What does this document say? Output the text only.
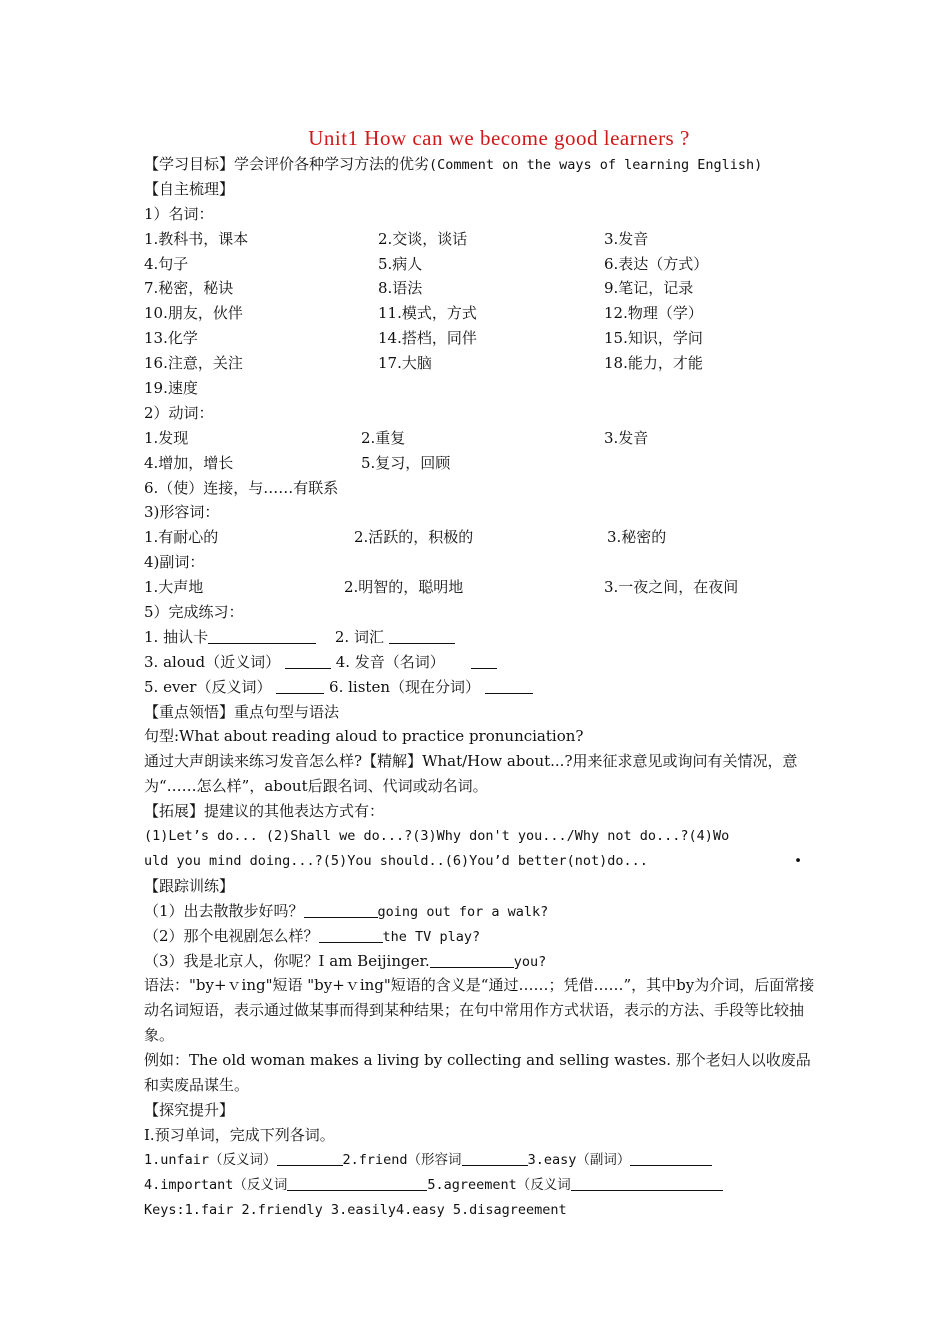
Unit1 How can we become good learners ?
【学习目标】学会评价各种学习方法的优劣(Comment on the ways of learning English)
【自主梳理】
1）名词：
1.教科书，课本	2.交谈，谈话	3.发音
4.句子	5.病人	6.表达（方式）
7.秘密，秘诀	8.语法	9.笔记，记录
10.朋友，伙伴	11.模式，方式	12.物理（学）
13.化学	14.搭档，同伴	15.知识，学问
16.注意，关注	17.大脑	18.能力，才能
19.速度
2）动词：
1.发现	2.重复	3.发音
4.增加，增长	5.复习，回顾
6.（使）连接，与……有联系
3)形容词：
1.有耐心的	2.活跃的，积极的	3.秘密的
4)副词：
1.大声地	2.明智的，聪明地	3.一夜之间，在夜间
5）完成练习：
1. 抽认卡	2. 词汇
3. aloud（近义词）	4. 发音（名词）
5. ever（反义词）	6. listen（现在分词）
【重点领悟】重点句型与语法
句型:What about reading aloud to practice pronunciation?
通过大声朗读来练习发音怎么样?【精解】What/How about...?用来征求意见或询问有关情况，意为“……怎么样”，about后跟名词、代词或动名词。
【拓展】提建议的其他表达方式有：
(1)Let’s do... (2)Shall we do...?(3)Why don't you.../Why not do...?(4)Wo
uld you mind doing...?(5)You should..(6)You’d better(not)do...	•
【跟踪训练】
（1）出去散散步好吗？	going out for a walk?
（2）那个电视剧怎么样？	the TV play?
（3）我是北京人，你呢？I am Beijinger.	you?
语法："by+ｖing"短语 "by+ｖing"短语的含义是“通过……；凭借……”，其中by为介词，后面常接动名词短语，表示通过做某事而得到某种结果；在句中常用作方式状语，表示的方法、手段等比较抽象。
例如：The old woman makes a living by collecting and selling wastes. 那个老妇人以收废品和卖废品谋生。
【探究提升】
Ⅰ.预习单词，完成下列各词。
1.unfair（反义词）	2.friend（形容词	3.easy（副词）
4.important（反义词	5.agreement（反义词
Keys:1.fair 2.friendly 3.easily4.easy 5.disagreement
